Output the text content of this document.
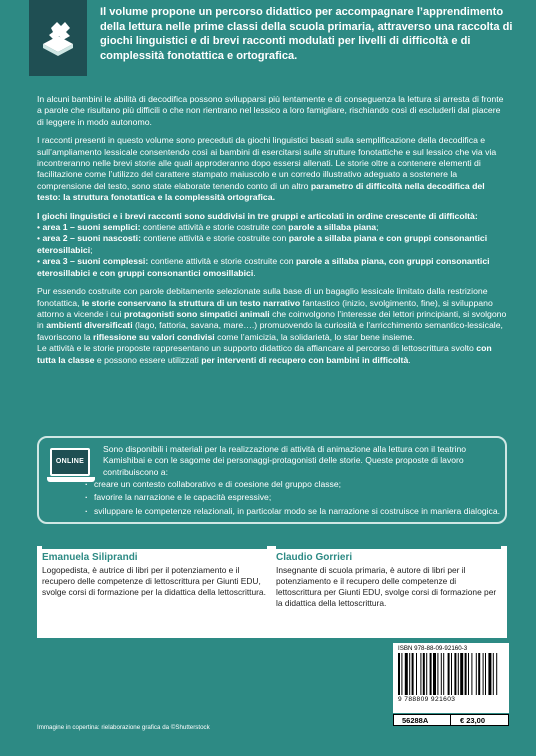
Il volume propone un percorso didattico per accompagnare l’apprendimento della lettura nelle prime classi della scuola primaria, attraverso una raccolta di giochi linguistici e di brevi racconti modulati per livelli di difficoltà e di complessità fonotattica e ortografica.

In alcuni bambini le abilità di decodifica possono svilupparsi più lentamente e di conseguenza la lettura si arresta di fronte a parole che risultano più difficili o che non rientrano nel lessico a loro famigliare, rischiando così di escluderli dal piacere di leggere in modo autonomo.

I racconti presenti in questo volume sono preceduti da giochi linguistici basati sulla semplificazione della decodifica e sull’ampliamento lessicale consentendo così ai bambini di esercitarsi sulle strutture fonotattiche e sul lessico che via via incontreranno nelle brevi storie alle quali approderanno dopo essersi allenati. Le storie oltre a contenere elementi di facilitazione come l’utilizzo del carattere stampato maiuscolo e un corredo illustrativo adeguato a sostenere la comprensione del testo, sono state elaborate tenendo conto di un altro parametro di difficoltà nella decodifica del testo: la struttura fonotattica e la complessità ortografica.

I giochi linguistici e i brevi racconti sono suddivisi in tre gruppi e articolati in ordine crescente di difficoltà:
• area 1 – suoni semplici: contiene attività e storie costruite con parole a sillaba piana;
• area 2 – suoni nascosti: contiene attività e storie costruite con parole a sillaba piana e con gruppi consonantici eterosillabici;
• area 3 – suoni complessi: contiene attività e storie costruite con parole a sillaba piana, con gruppi consonantici eterosillabici e con gruppi consonantici omosillabici.

Pur essendo costruite con parole debitamente selezionate sulla base di un bagaglio lessicale limitato dalla restrizione fonotattica, le storie conservano la struttura di un testo narrativo fantastico (inizio, svolgimento, fine), si sviluppano attorno a vicende i cui protagonisti sono simpatici animali che coinvolgono l’interesse dei lettori principianti, si svolgono in ambienti diversificati (lago, fattoria, savana, mare….) promuovendo la curiosità e l’arricchimento semantico-lessicale, favoriscono la riflessione su valori condivisi come l’amicizia, la solidarietà, lo star bene insieme.

Le attività e le storie proposte rappresentano un supporto didattico da affiancare al percorso di lettoscrittura svolto con tutta la classe e possono essere utilizzati per interventi di recupero con bambini in difficoltà.

ONLINE
Sono disponibili i materiali per la realizzazione di attività di animazione alla lettura con il teatrino Kamishibai e con le sagome dei personaggi-protagonisti delle storie. Queste proposte di lavoro contribuiscono a:
· creare un contesto collaborativo e di coesione del gruppo classe;
· favorire la narrazione e le capacità espressive;
· sviluppare le competenze relazionali, in particolar modo se la narrazione si costruisce in maniera dialogica.
Emanuela Siliprandi
Logopedista, è autrice di libri per il potenziamento e il recupero delle competenze di lettoscrittura per Giunti EDU, svolge corsi di formazione per la didattica della lettoscrittura.
Claudio Gorrieri
Insegnante di scuola primaria, è autore di libri per il potenziamento e il recupero delle competenze di lettoscrittura per Giunti EDU, svolge corsi di formazione per la didattica della lettoscrittura.
ISBN 978-88-09-92160-3
9 788809 921603
56288A	€ 23,00
Immagine in copertina: rielaborazione grafica da ©Shutterstock
